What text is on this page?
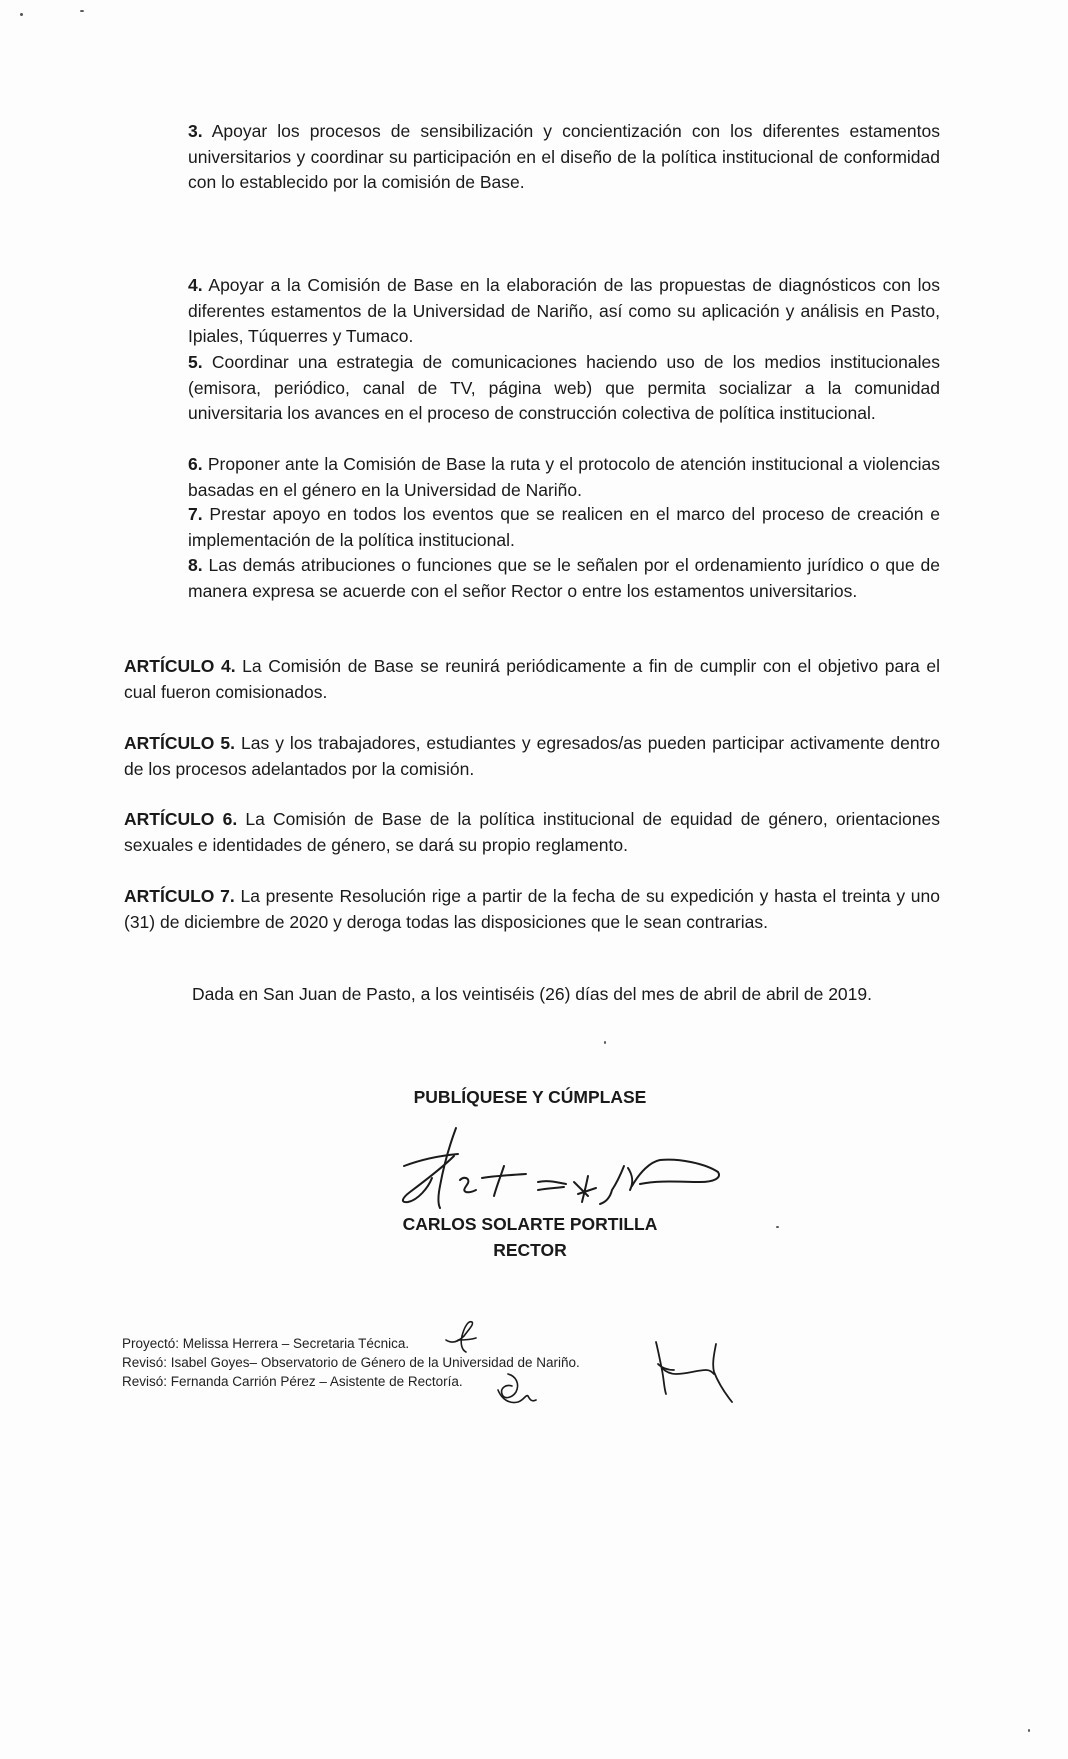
3. Apoyar los procesos de sensibilización y concientización con los diferentes estamentos universitarios y coordinar su participación en el diseño de la política institucional de conformidad con lo establecido por la comisión de Base.
4. Apoyar a la Comisión de Base en la elaboración de las propuestas de diagnósticos con los diferentes estamentos de la Universidad de Nariño, así como su aplicación y análisis en Pasto, Ipiales, Túquerres y Tumaco.
5. Coordinar una estrategia de comunicaciones haciendo uso de los medios institucionales (emisora, periódico, canal de TV, página web) que permita socializar a la comunidad universitaria los avances en el proceso de construcción colectiva de política institucional.
6. Proponer ante la Comisión de Base la ruta y el protocolo de atención institucional a violencias basadas en el género en la Universidad de Nariño.
7. Prestar apoyo en todos los eventos que se realicen en el marco del proceso de creación e implementación de la política institucional.
8. Las demás atribuciones o funciones que se le señalen por el ordenamiento jurídico o que de manera expresa se acuerde con el señor Rector o entre los estamentos universitarios.
ARTÍCULO 4. La Comisión de Base se reunirá periódicamente a fin de cumplir con el objetivo para el cual fueron comisionados.
ARTÍCULO 5. Las y los trabajadores, estudiantes y egresados/as pueden participar activamente dentro de los procesos adelantados por la comisión.
ARTÍCULO 6. La Comisión de Base de la política institucional de equidad de género, orientaciones sexuales e identidades de género, se dará su propio reglamento.
ARTÍCULO 7. La presente Resolución rige a partir de la fecha de su expedición y hasta el treinta y uno (31) de diciembre de 2020 y deroga todas las disposiciones que le sean contrarias.
Dada en San Juan de Pasto, a los veintiséis (26) días del mes de abril de abril de 2019.
PUBLÍQUESE Y CÚMPLASE
CARLOS SOLARTE PORTILLA
RECTOR
Proyectó: Melissa Herrera – Secretaria Técnica.
Revisó: Isabel Goyes– Observatorio de Género de la Universidad de Nariño.
Revisó: Fernanda Carrión Pérez – Asistente de Rectoría.
